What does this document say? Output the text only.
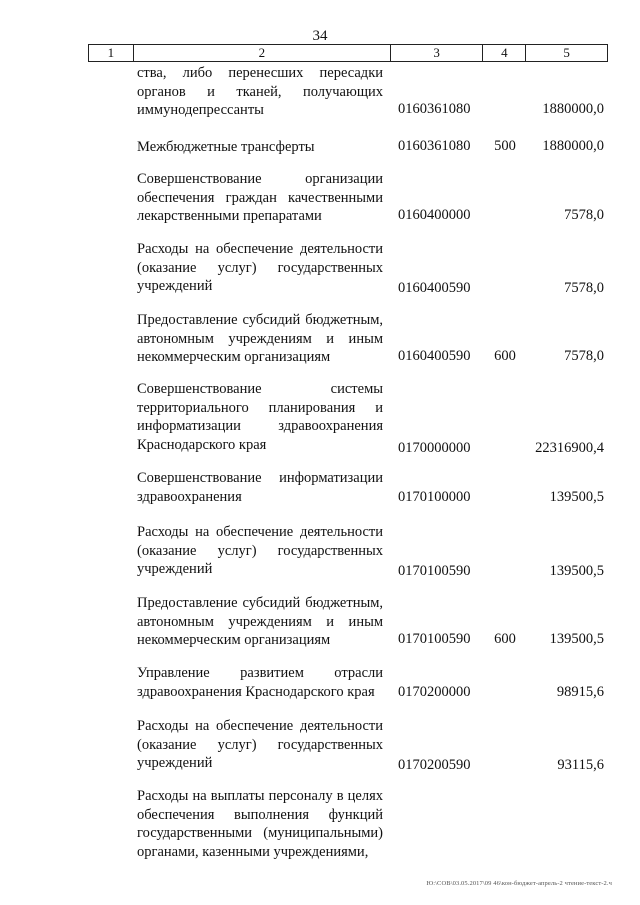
34
1	2	3	4	5
ства, либо перенесших пересадки органов и тканей, получающих иммунодепрессанты	0160361080	1880000,0
Межбюджетные трансферты	0160361080	500	1880000,0
Совершенствование организации обеспечения граждан качественными лекарственными препаратами	0160400000	7578,0
Расходы на обеспечение деятельности (оказание услуг) государственных учреждений	0160400590	7578,0
Предоставление субсидий бюджетным, автономным учреждениям и иным некоммерческим организациям	0160400590	600	7578,0
Совершенствование системы территориального планирования и информатизации здравоохранения Краснодарского края	0170000000	22316900,4
Совершенствование информатизации здравоохранения	0170100000	139500,5
Расходы на обеспечение деятельности (оказание услуг) государственных учреждений	0170100590	139500,5
Предоставление субсидий бюджетным, автономным учреждениям и иным некоммерческим организациям	0170100590	600	139500,5
Управление развитием отрасли здравоохранения Краснодарского края	0170200000	98915,6
Расходы на обеспечение деятельности (оказание услуг) государственных учреждений	0170200590	93115,6
Расходы на выплаты персоналу в целях обеспечения выполнения функций государственными (муниципальными) органами, казенными учреждениями,
Ю:\СОВ\03.05.2017\09 46\кон-бюджет-апрель-2 чтение-текст-2.ч
